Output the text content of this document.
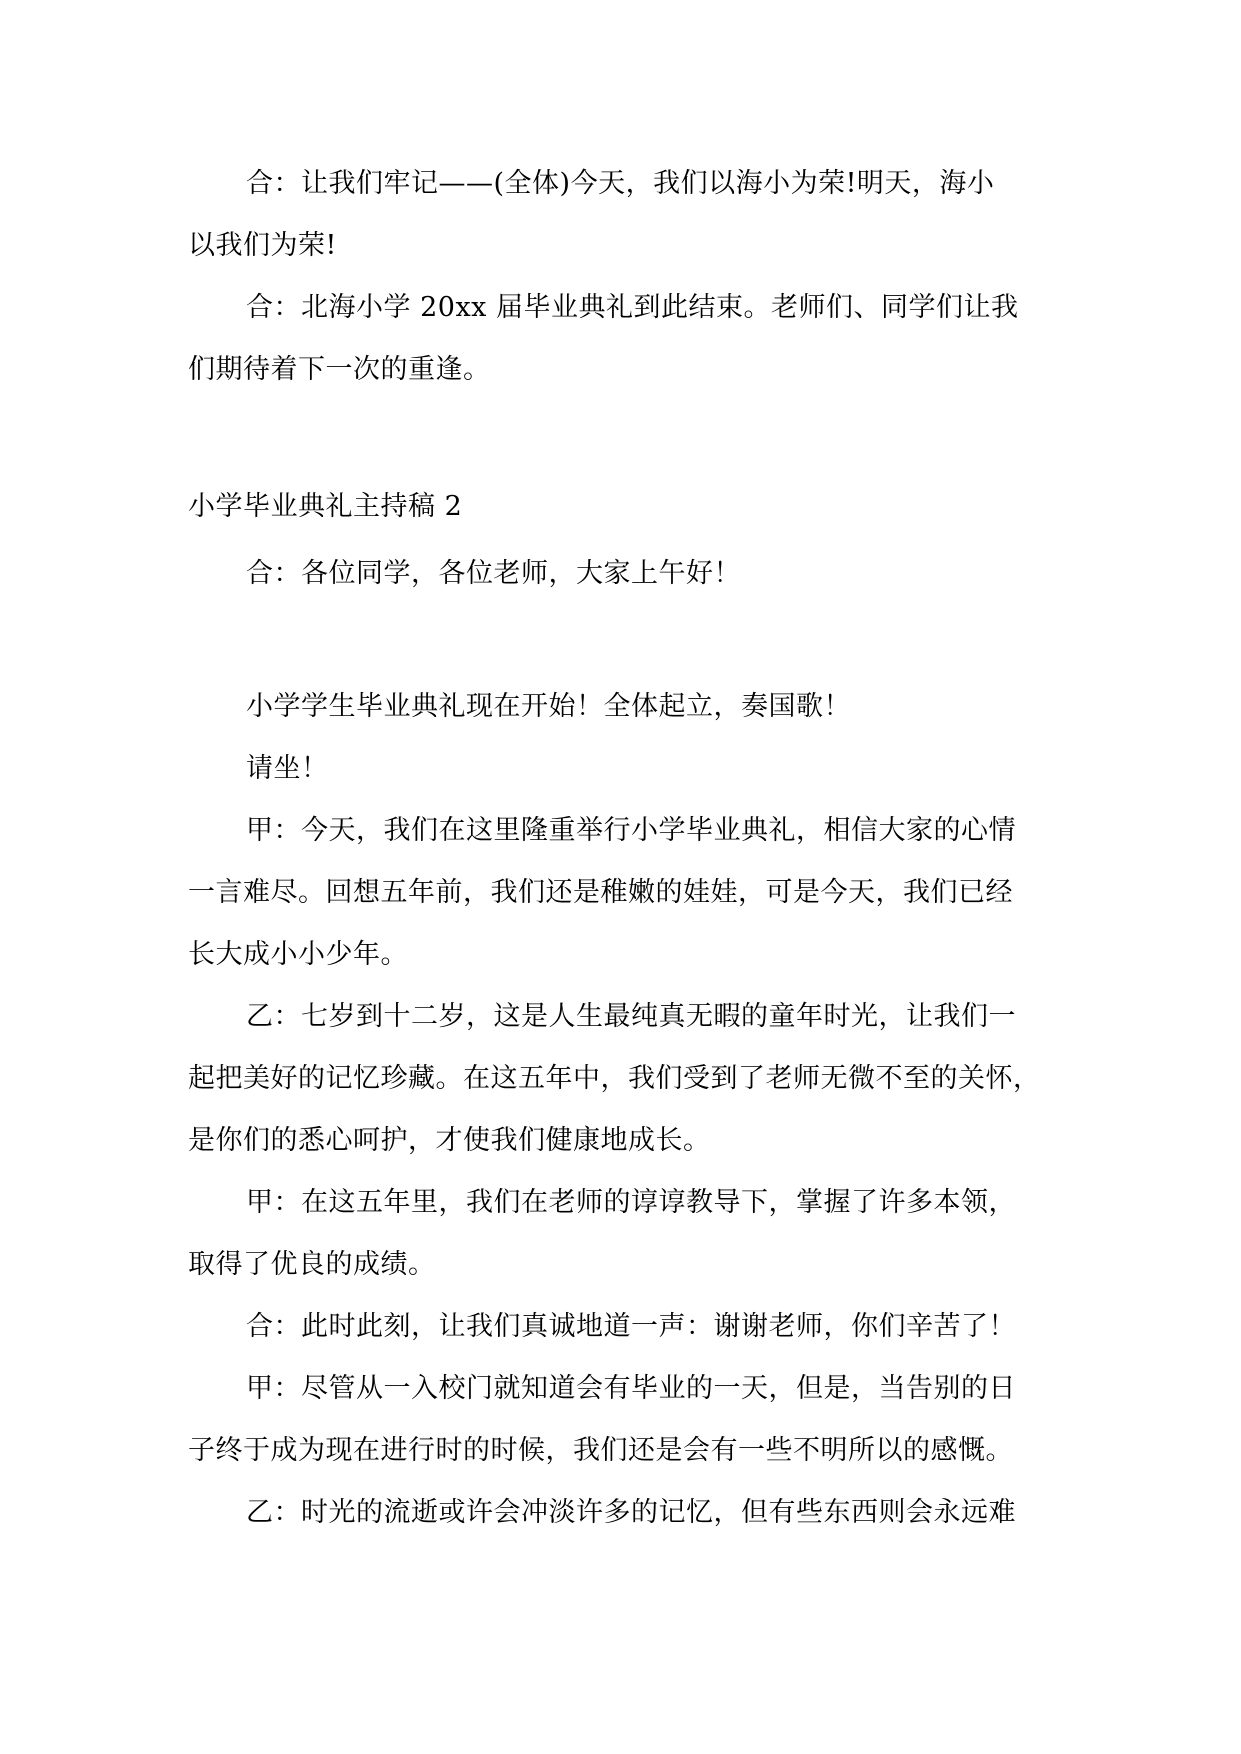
合：让我们牢记——(全体)今天，我们以海小为荣!明天，海小
以我们为荣!
合：北海小学 20xx 届毕业典礼到此结束。老师们、同学们让我
们期待着下一次的重逢。
小学毕业典礼主持稿 2
合：各位同学，各位老师，大家上午好！
小学学生毕业典礼现在开始！全体起立，奏国歌！
请坐！
甲：今天，我们在这里隆重举行小学毕业典礼，相信大家的心情
一言难尽。回想五年前，我们还是稚嫩的娃娃，可是今天，我们已经
长大成小小少年。
乙：七岁到十二岁，这是人生最纯真无暇的童年时光，让我们一
起把美好的记忆珍藏。在这五年中，我们受到了老师无微不至的关怀，
是你们的悉心呵护，才使我们健康地成长。
甲：在这五年里，我们在老师的谆谆教导下，掌握了许多本领，
取得了优良的成绩。
合：此时此刻，让我们真诚地道一声：谢谢老师，你们辛苦了！
甲：尽管从一入校门就知道会有毕业的一天，但是，当告别的日
子终于成为现在进行时的时候，我们还是会有一些不明所以的感慨。
乙：时光的流逝或许会冲淡许多的记忆，但有些东西则会永远难
